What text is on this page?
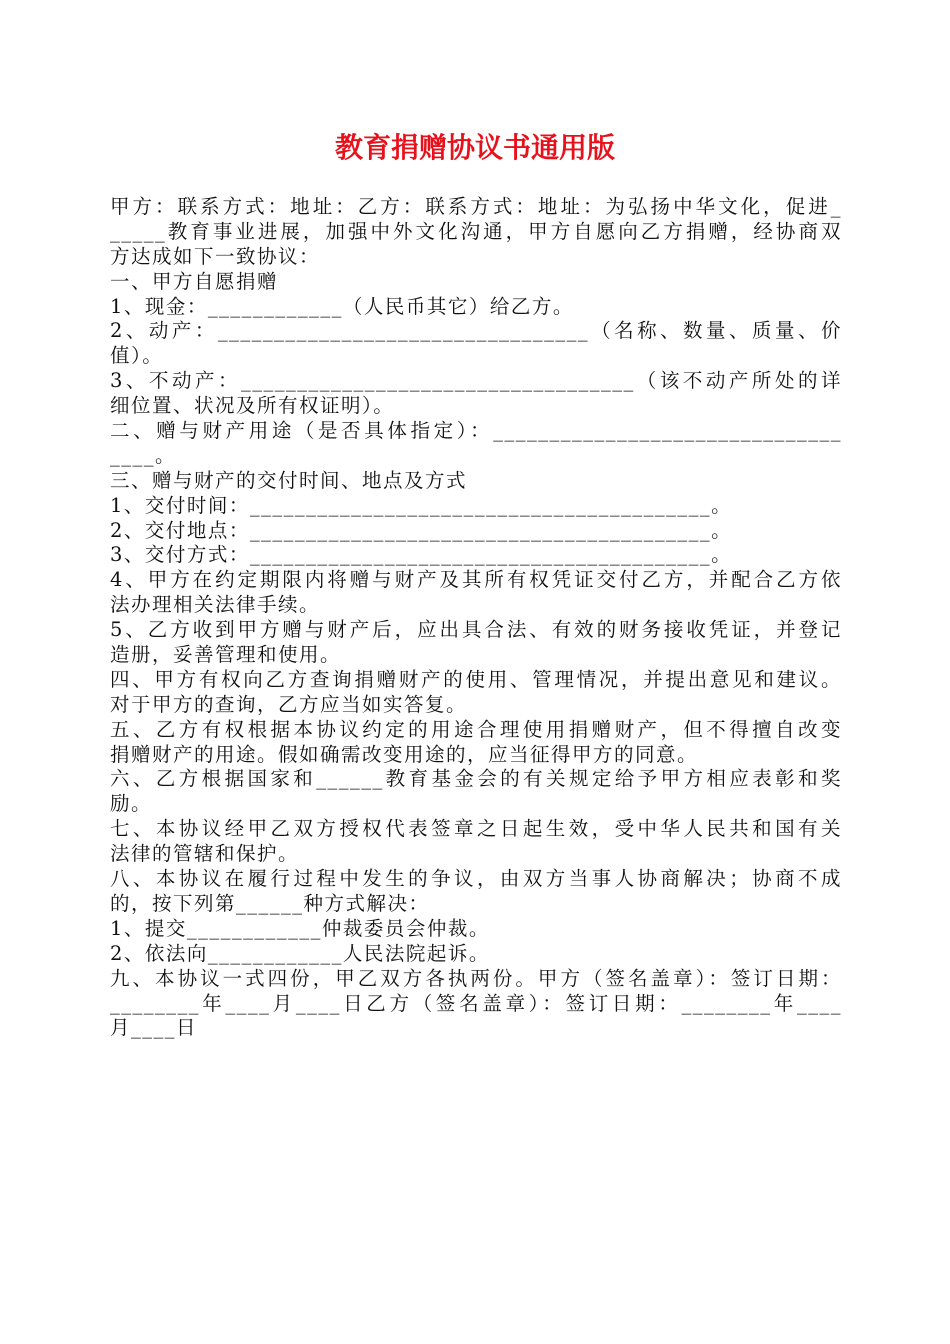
教育捐赠协议书通用版
甲方：联系方式：地址：乙方：联系方式：地址：为弘扬中华文化，促进_
_____教育事业进展，加强中外文化沟通，甲方自愿向乙方捐赠，经协商双
方达成如下一致协议：
一、甲方自愿捐赠
1、现金：____________（人民币其它）给乙方。
2、动产：_________________________________（名称、数量、质量、价
值）。
3、不动产：___________________________________（该不动产所处的详
细位置、状况及所有权证明）。
二、赠与财产用途（是否具体指定）：_______________________________
____。
三、赠与财产的交付时间、地点及方式
1、交付时间：_________________________________________。
2、交付地点：_________________________________________。
3、交付方式：_________________________________________。
4、甲方在约定期限内将赠与财产及其所有权凭证交付乙方，并配合乙方依
法办理相关法律手续。
5、乙方收到甲方赠与财产后，应出具合法、有效的财务接收凭证，并登记
造册，妥善管理和使用。
四、甲方有权向乙方查询捐赠财产的使用、管理情况，并提出意见和建议。
对于甲方的查询，乙方应当如实答复。
五、乙方有权根据本协议约定的用途合理使用捐赠财产，但不得擅自改变
捐赠财产的用途。假如确需改变用途的，应当征得甲方的同意。
六、乙方根据国家和______教育基金会的有关规定给予甲方相应表彰和奖
励。
七、本协议经甲乙双方授权代表签章之日起生效，受中华人民共和国有关
法律的管辖和保护。
八、本协议在履行过程中发生的争议，由双方当事人协商解决；协商不成
的，按下列第______种方式解决：
1、提交____________仲裁委员会仲裁。
2、依法向____________人民法院起诉。
九、本协议一式四份，甲乙双方各执两份。甲方（签名盖章）：签订日期：
________年____月____日乙方（签名盖章）：签订日期：________年____
月____日
